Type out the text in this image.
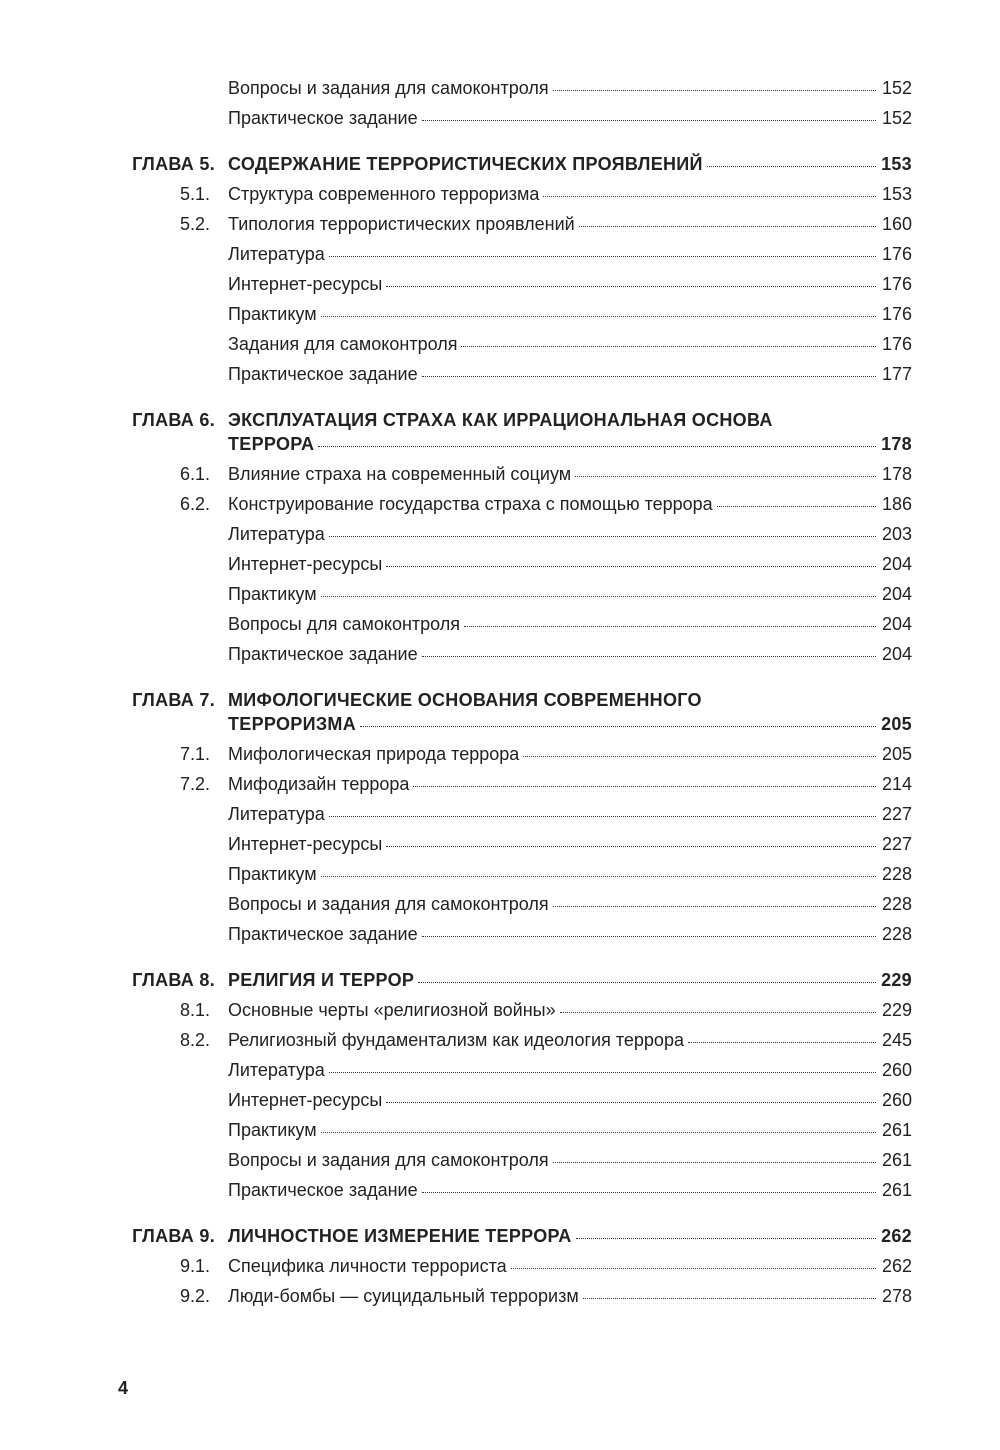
Вопросы и задания для самоконтроля	152
Практическое задание	152
ГЛАВА 5. СОДЕРЖАНИЕ ТЕРРОРИСТИЧЕСКИХ ПРОЯВЛЕНИЙ	153
5.1. Структура современного терроризма	153
5.2. Типология террористических проявлений	160
Литература	176
Интернет-ресурсы	176
Практикум	176
Задания для самоконтроля	176
Практическое задание	177
ГЛАВА 6. ЭКСПЛУАТАЦИЯ СТРАХА КАК ИРРАЦИОНАЛЬНАЯ ОСНОВА
ТЕРРОРА	178
6.1. Влияние страха на современный социум	178
6.2. Конструирование государства страха с помощью террора	186
Литература	203
Интернет-ресурсы	204
Практикум	204
Вопросы для самоконтроля	204
Практическое задание	204
ГЛАВА 7. МИФОЛОГИЧЕСКИЕ ОСНОВАНИЯ СОВРЕМЕННОГО
ТЕРРОРИЗМА	205
7.1. Мифологическая природа террора	205
7.2. Мифодизайн террора	214
Литература	227
Интернет-ресурсы	227
Практикум	228
Вопросы и задания для самоконтроля	228
Практическое задание	228
ГЛАВА 8. РЕЛИГИЯ И ТЕРРОР	229
8.1. Основные черты «религиозной войны»	229
8.2. Религиозный фундаментализм как идеология террора	245
Литература	260
Интернет-ресурсы	260
Практикум	261
Вопросы и задания для самоконтроля	261
Практическое задание	261
ГЛАВА 9. ЛИЧНОСТНОЕ ИЗМЕРЕНИЕ ТЕРРОРА	262
9.1. Специфика личности террориста	262
9.2. Люди-бомбы — суицидальный терроризм	278
4
